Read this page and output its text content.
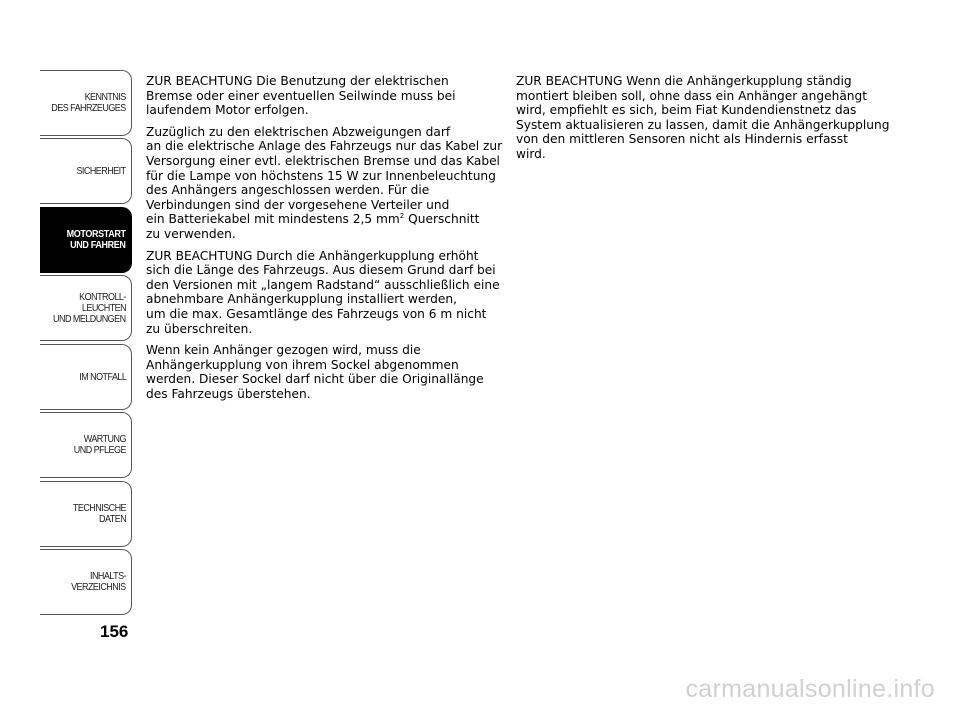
KENNTNIS
DES FAHRZEUGES
SICHERHEIT
MOTORSTART
UND FAHREN
KONTROLL-
LEUCHTEN
UND MELDUNGEN
IM NOTFALL
WARTUNG
UND PFLEGE
TECHNISCHE
DATEN
INHALTS-
VERZEICHNIS
156

ZUR BEACHTUNG Die Benutzung der elektrischen
Bremse oder einer eventuellen Seilwinde muss bei
laufendem Motor erfolgen.

Zuzüglich zu den elektrischen Abzweigungen darf
an die elektrische Anlage des Fahrzeugs nur das Kabel zur
Versorgung einer evtl. elektrischen Bremse und das Kabel
für die Lampe von höchstens 15 W zur Innenbeleuchtung
des Anhängers angeschlossen werden. Für die
Verbindungen sind der vorgesehene Verteiler und
ein Batteriekabel mit mindestens 2,5 $mm^2$ Querschnitt
zu verwenden.

ZUR BEACHTUNG Durch die Anhängerkupplung erhöht
sich die Länge des Fahrzeugs. Aus diesem Grund darf bei
den Versionen mit „langem Radstand“ ausschließlich eine
abnehmbare Anhängerkupplung installiert werden,
um die max. Gesamtlänge des Fahrzeugs von 6 m nicht
zu überschreiten.

Wenn kein Anhänger gezogen wird, muss die
Anhängerkupplung von ihrem Sockel abgenommen
werden. Dieser Sockel darf nicht über die Originallänge
des Fahrzeugs überstehen.

ZUR BEACHTUNG Wenn die Anhängerkupplung ständig
montiert bleiben soll, ohne dass ein Anhänger angehängt
wird, empfiehlt es sich, beim Fiat Kundendienstnetz das
System aktualisieren zu lassen, damit die Anhängerkupplung
von den mittleren Sensoren nicht als Hindernis erfasst
wird.

carmanualsonline.info
